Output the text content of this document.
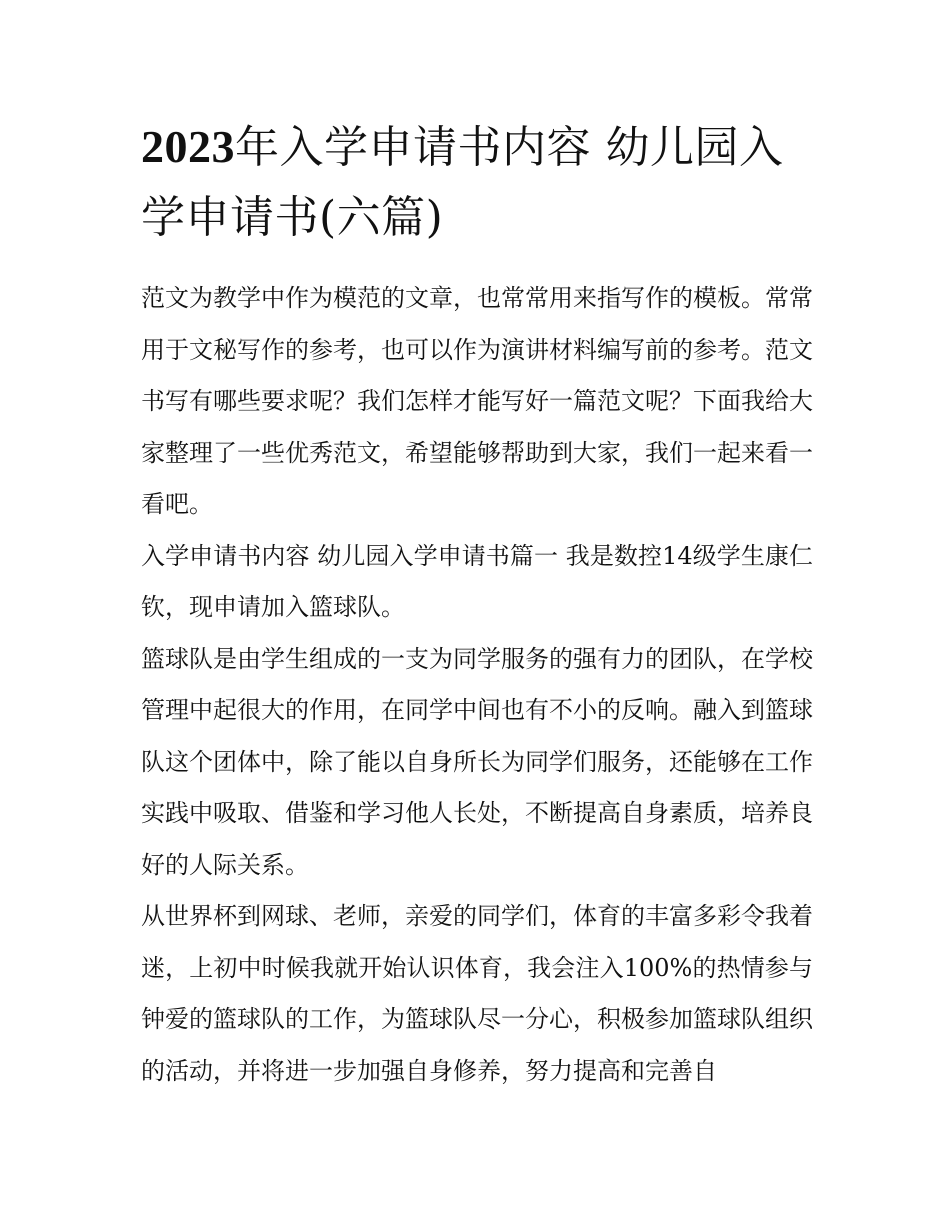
2023年入学申请书内容 幼儿园入学申请书(六篇)

范文为教学中作为模范的文章，也常常用来指写作的模板。常常用于文秘写作的参考，也可以作为演讲材料编写前的参考。范文书写有哪些要求呢？我们怎样才能写好一篇范文呢？下面我给大家整理了一些优秀范文，希望能够帮助到大家，我们一起来看一看吧。

入学申请书内容 幼儿园入学申请书篇一 我是数控14级学生康仁钦，现申请加入篮球队。

篮球队是由学生组成的一支为同学服务的强有力的团队，在学校管理中起很大的作用，在同学中间也有不小的反响。融入到篮球队这个团体中，除了能以自身所长为同学们服务，还能够在工作实践中吸取、借鉴和学习他人长处，不断提高自身素质，培养良好的人际关系。

从世界杯到网球、老师，亲爱的同学们，体育的丰富多彩令我着迷，上初中时候我就开始认识体育，我会注入100%的热情参与钟爱的篮球队的工作，为篮球队尽一分心，积极参加篮球队组织的活动，并将进一步加强自身修养，努力提高和完善自
